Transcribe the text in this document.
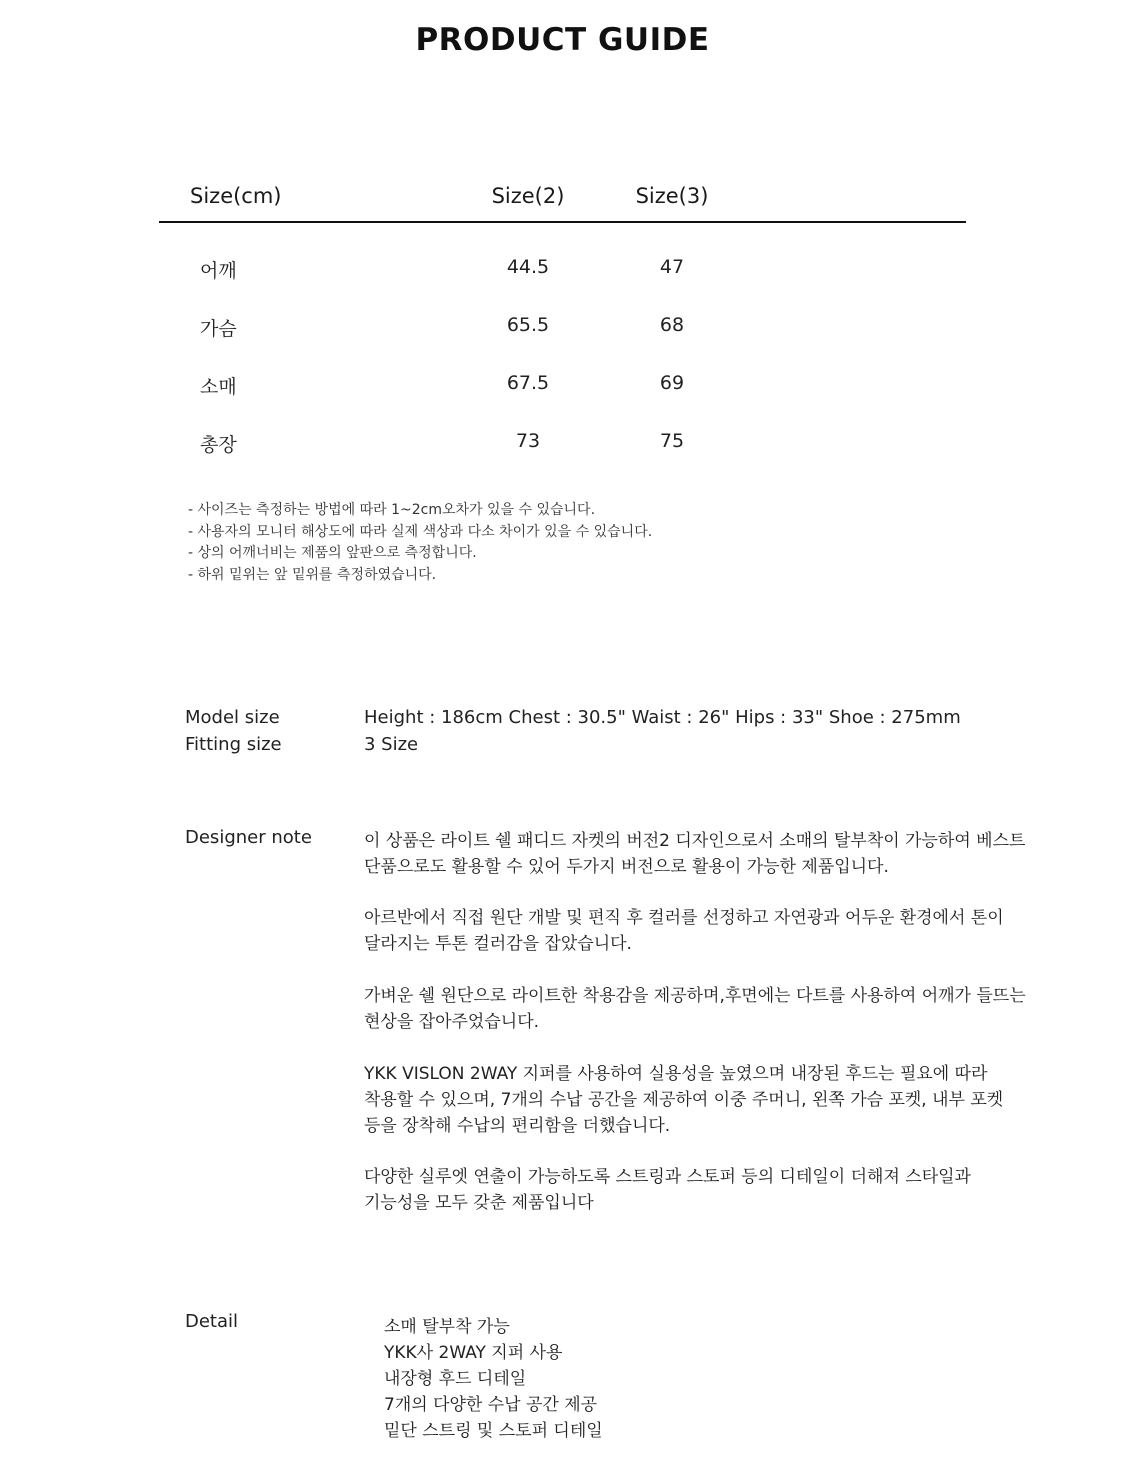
PRODUCT GUIDE
Size(cm)	Size(2)	Size(3)
어깨	44.5	47
가슴	65.5	68
소매	67.5	69
총장	73	75
- 사이즈는 측정하는 방법에 따라 1~2cm오차가 있을 수 있습니다.
- 사용자의 모니터 해상도에 따라 실제 색상과 다소 차이가 있을 수 있습니다.
- 상의 어깨너비는 제품의 앞판으로 측정합니다.
- 하위 밑위는 앞 밑위를 측정하였습니다.
Model size	Height : 186cm Chest : 30.5" Waist : 26" Hips : 33" Shoe : 275mm
Fitting size	3 Size
Designer note	이 상품은 라이트 쉘 패디드 자켓의 버전2 디자인으로서 소매의 탈부착이 가능하여 베스트
단품으로도 활용할 수 있어 두가지 버전으로 활용이 가능한 제품입니다.
아르반에서 직접 원단 개발 및 편직 후 컬러를 선정하고 자연광과 어두운 환경에서 톤이
달라지는 투톤 컬러감을 잡았습니다.
가벼운 쉘 원단으로 라이트한 착용감을 제공하며,후면에는 다트를 사용하여 어깨가 들뜨는
현상을 잡아주었습니다.
YKK VISLON 2WAY 지퍼를 사용하여 실용성을 높였으며 내장된 후드는 필요에 따라
착용할 수 있으며, 7개의 수납 공간을 제공하여 이중 주머니, 왼쪽 가슴 포켓, 내부 포켓
등을 장착해 수납의 편리함을 더했습니다.
다양한 실루엣 연출이 가능하도록 스트링과 스토퍼 등의 디테일이 더해져 스타일과
기능성을 모두 갖춘 제품입니다
Detail	소매 탈부착 가능
YKK사 2WAY 지퍼 사용
내장형 후드 디테일
7개의 다양한 수납 공간 제공
밑단 스트링 및 스토퍼 디테일
